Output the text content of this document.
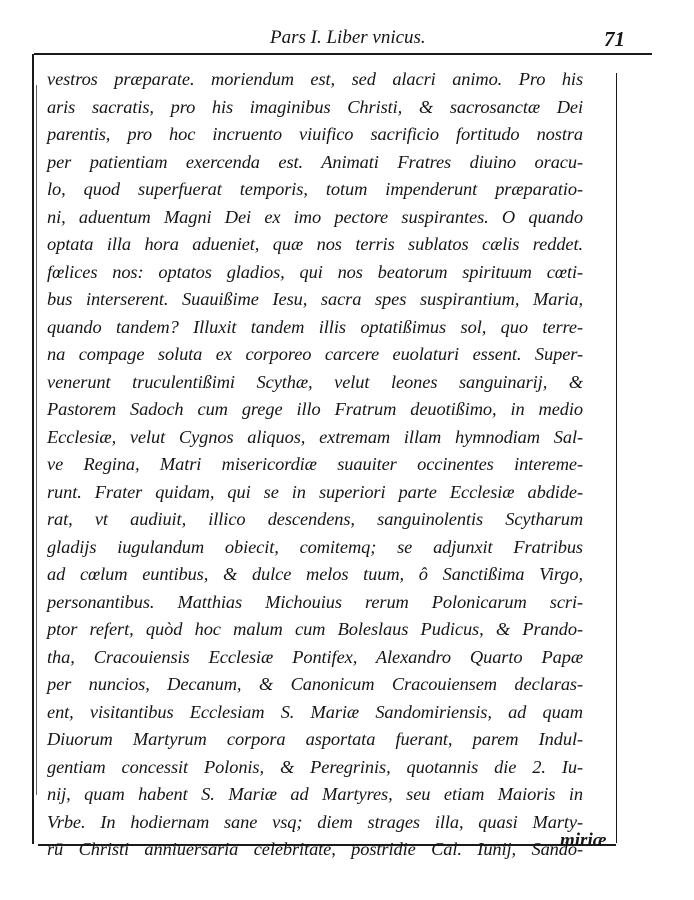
Pars I. Liber vnicus.	71
vestros præparate. moriendum est, sed alacri animo. Pro his
aris sacratis, pro his imaginibus Christi, & sacrosanctæ Dei
parentis, pro hoc incruento viuifico sacrificio fortitudo nostra
per patientiam exercenda est. Animati Fratres diuino oracu-
lo, quod superfuerat temporis, totum impenderunt præparatio-
ni, aduentum Magni Dei ex imo pectore suspirantes. O quando
optata illa hora adueniet, quæ nos terris sublatos cælis reddet.
fœlices nos: optatos gladios, qui nos beatorum spirituum cœti-
bus interserent. Suauißime Iesu, sacra spes suspirantium, Maria,
quando tandem? Illuxit tandem illis optatißimus sol, quo terre-
na compage soluta ex corporeo carcere euolaturi essent. Super-
venerunt truculentißimi Scythæ, velut leones sanguinarij, &
Pastorem Sadoch cum grege illo Fratrum deuotißimo, in medio
Ecclesiæ, velut Cygnos aliquos, extremam illam hymnodiam Sal-
ve Regina, Matri misericordiæ suauiter occinentes intereme-
runt. Frater quidam, qui se in superiori parte Ecclesiæ abdide-
rat, vt audiuit, illico descendens, sanguinolentis Scytharum
gladijs iugulandum obiecit, comitemq; se adjunxit Fratribus
ad cœlum euntibus, & dulce melos tuum, ô Sanctißima Virgo,
personantibus. Matthias Michouius rerum Polonicarum scri-
ptor refert, quòd hoc malum cum Boleslaus Pudicus, & Prando-
tha, Cracouiensis Ecclesiæ Pontifex, Alexandro Quarto Papæ
per nuncios, Decanum, & Canonicum Cracouiensem declaras-
ent, visitantibus Ecclesiam S. Mariæ Sandomiriensis, ad quam
Diuorum Martyrum corpora asportata fuerant, parem Indul-
gentiam concessit Polonis, & Peregrinis, quotannis die 2. Iu-
nij, quam habent S. Mariæ ad Martyres, seu etiam Maioris in
Vrbe. In hodiernam sane vsq; diem strages illa, quasi Marty-
rū Christi anniuersaria celebritate, postridie Cal. Iunij, Sando-
miriæ
